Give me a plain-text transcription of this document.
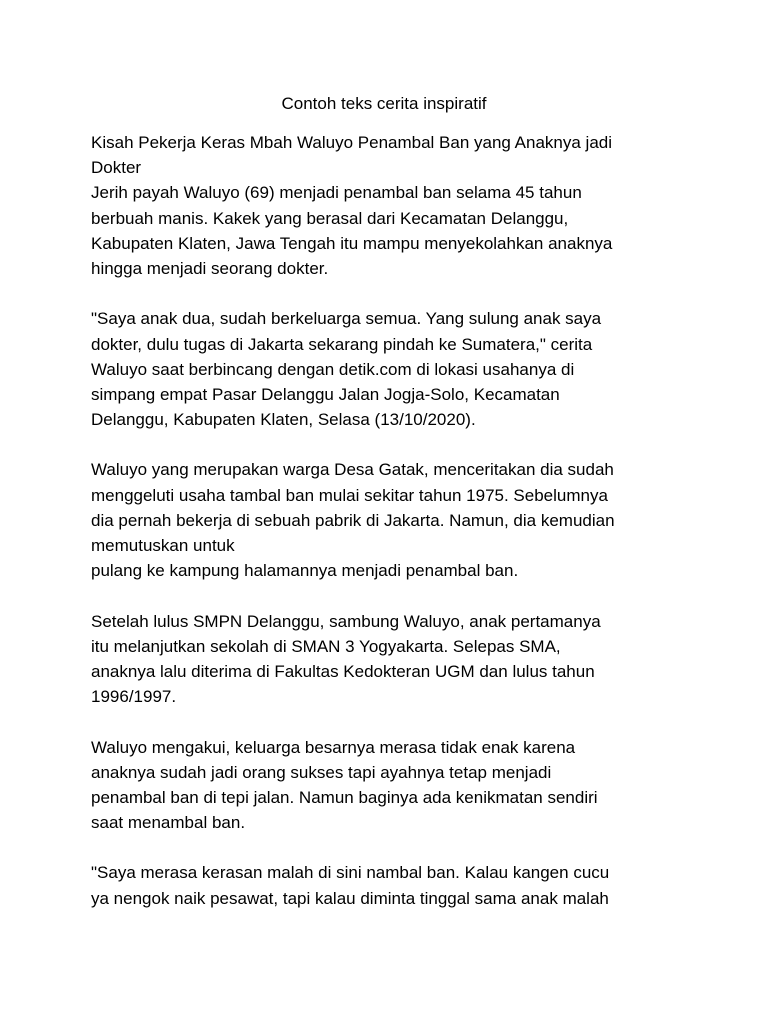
Contoh teks cerita inspiratif
Kisah Pekerja Keras Mbah Waluyo Penambal Ban yang Anaknya jadi
Dokter
Jerih payah Waluyo (69) menjadi penambal ban selama 45 tahun
berbuah manis. Kakek yang berasal dari Kecamatan Delanggu,
Kabupaten Klaten, Jawa Tengah itu mampu menyekolahkan anaknya
hingga menjadi seorang dokter.
"Saya anak dua, sudah berkeluarga semua. Yang sulung anak saya
dokter, dulu tugas di Jakarta sekarang pindah ke Sumatera," cerita
Waluyo saat berbincang dengan detik.com di lokasi usahanya di
simpang empat Pasar Delanggu Jalan Jogja-Solo, Kecamatan
Delanggu, Kabupaten Klaten, Selasa (13/10/2020).
Waluyo yang merupakan warga Desa Gatak, menceritakan dia sudah
menggeluti usaha tambal ban mulai sekitar tahun 1975. Sebelumnya
dia pernah bekerja di sebuah pabrik di Jakarta. Namun, dia kemudian
memutuskan untuk
pulang ke kampung halamannya menjadi penambal ban.
Setelah lulus SMPN Delanggu, sambung Waluyo, anak pertamanya
itu melanjutkan sekolah di SMAN 3 Yogyakarta. Selepas SMA,
anaknya lalu diterima di Fakultas Kedokteran UGM dan lulus tahun
1996/1997.
Waluyo mengakui, keluarga besarnya merasa tidak enak karena
anaknya sudah jadi orang sukses tapi ayahnya tetap menjadi
penambal ban di tepi jalan. Namun baginya ada kenikmatan sendiri
saat menambal ban.
"Saya merasa kerasan malah di sini nambal ban. Kalau kangen cucu
ya nengok naik pesawat, tapi kalau diminta tinggal sama anak malah
